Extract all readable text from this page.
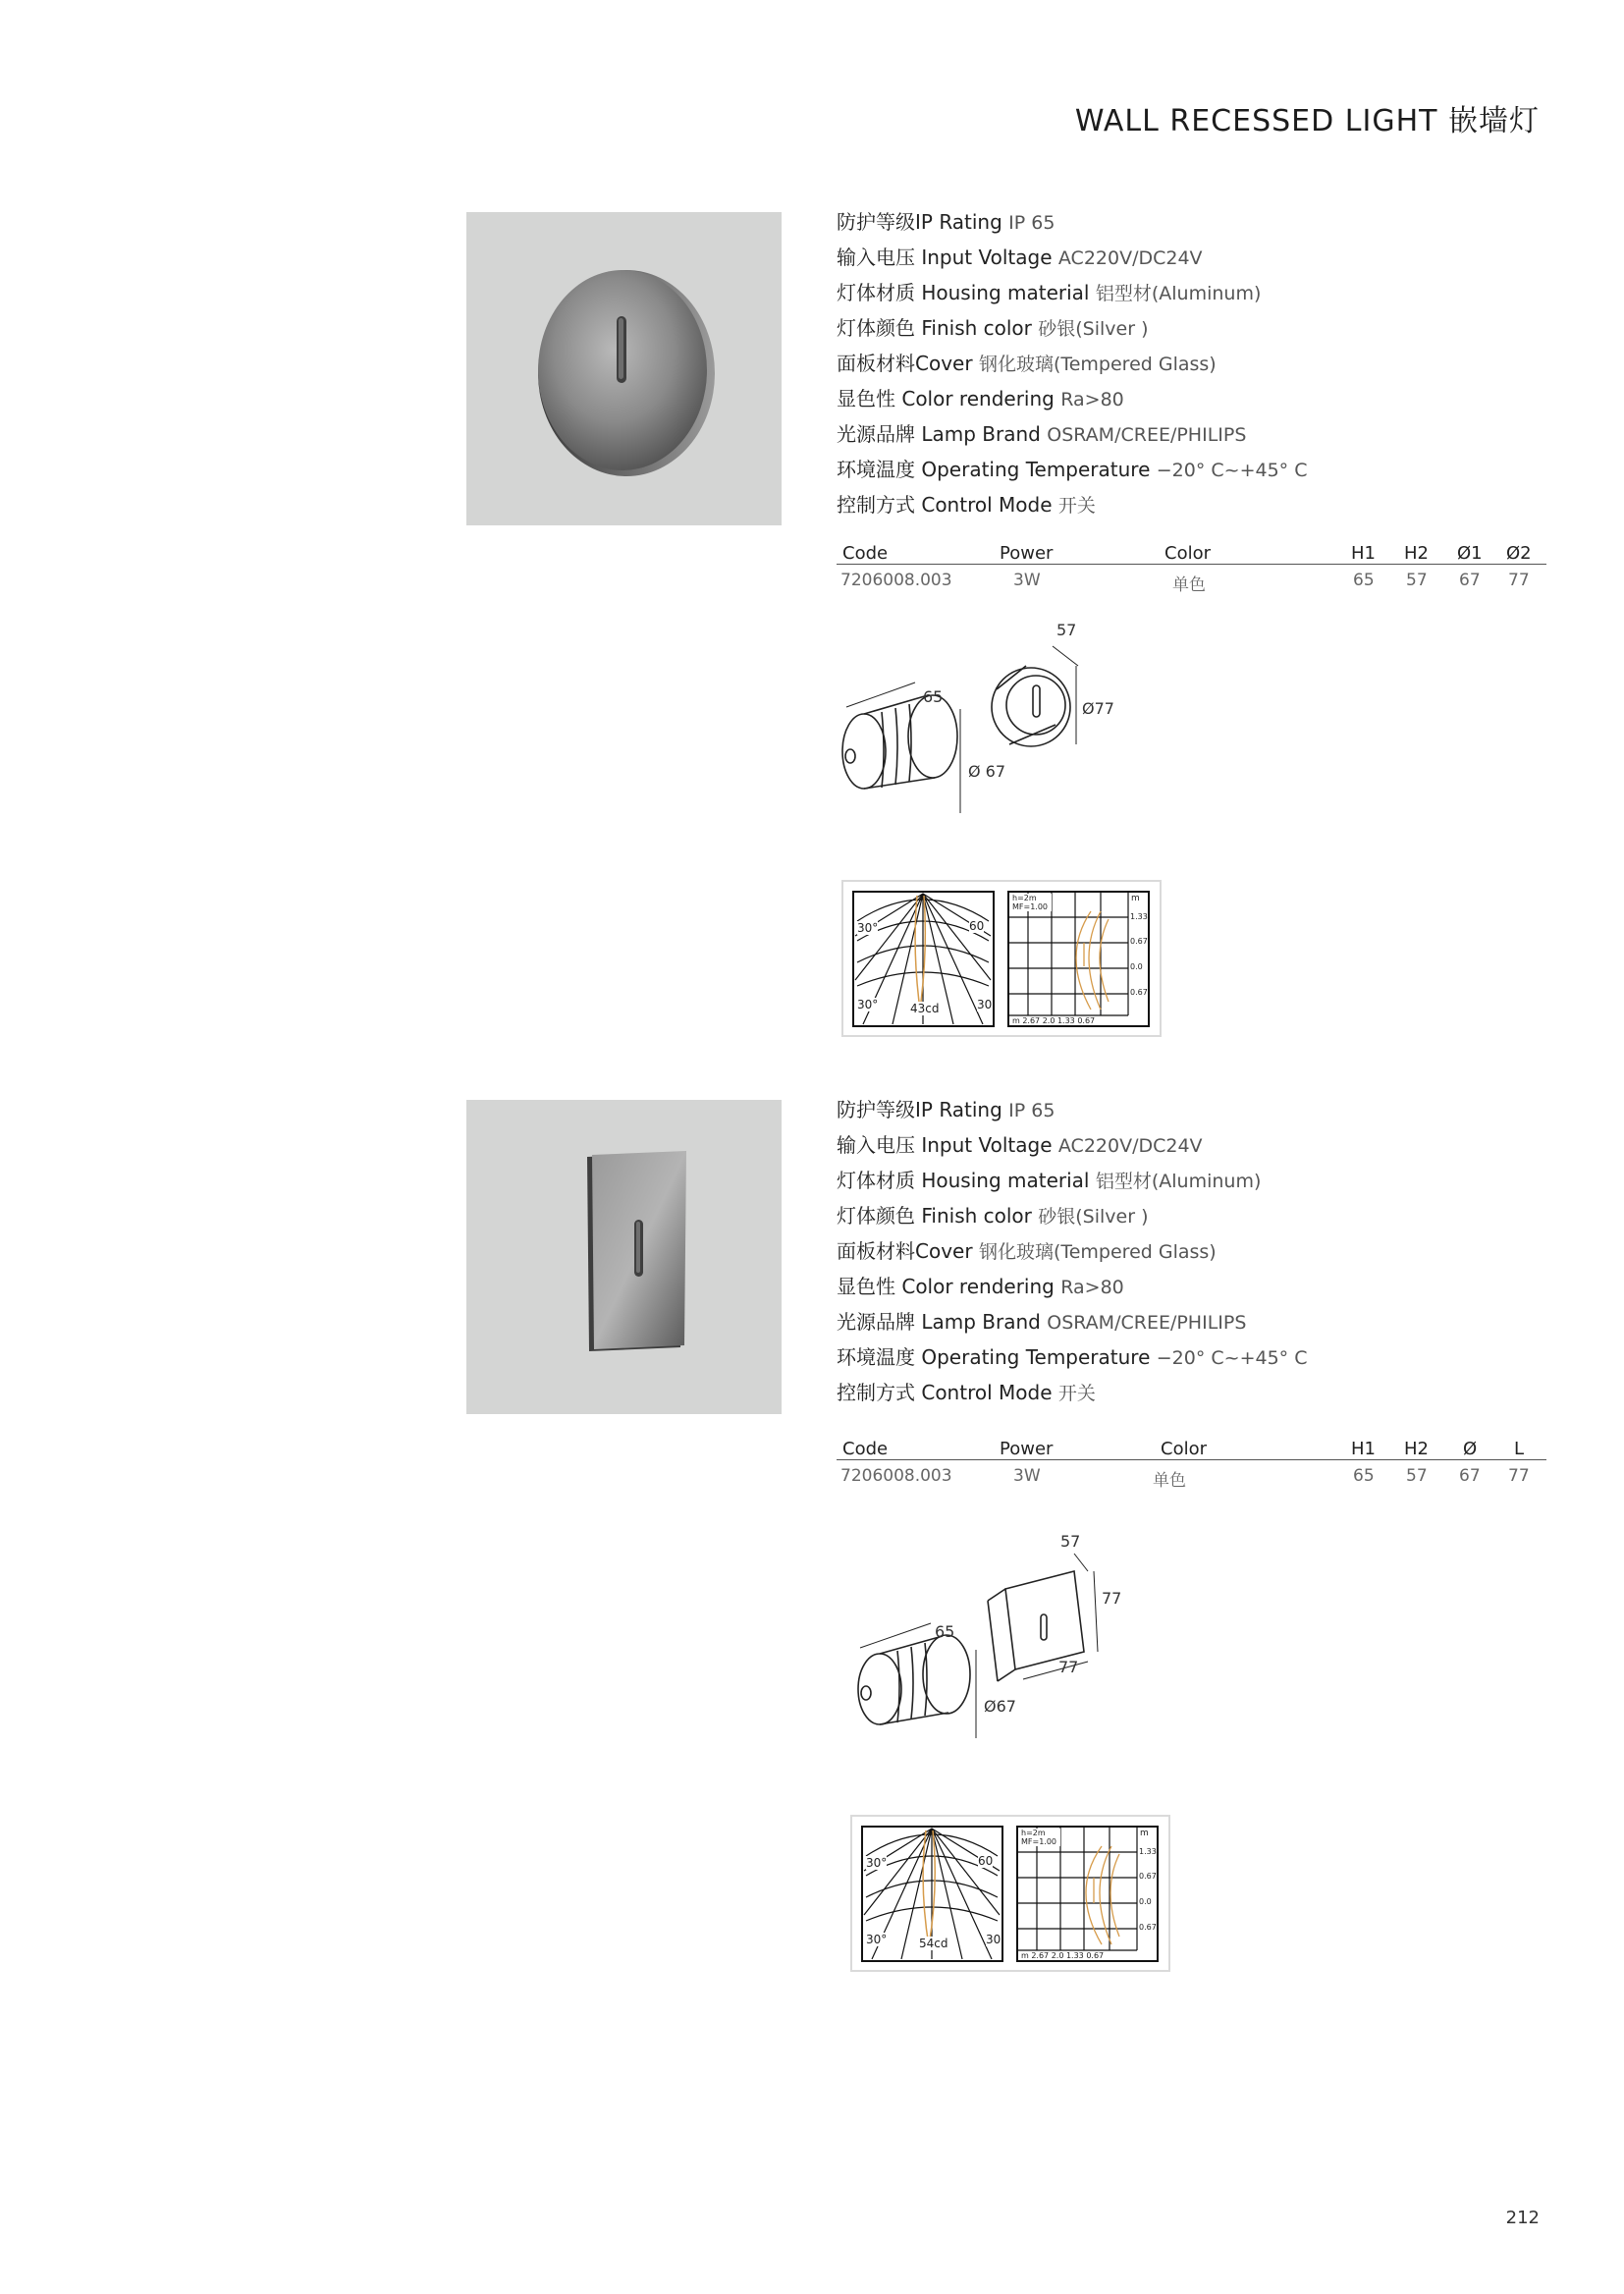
WALL RECESSED LIGHT 嵌墙灯
防护等级IP Rating IP 65
输入电压 Input Voltage AC220V/DC24V
灯体材质 Housing material 铝型材(Aluminum)
灯体颜色 Finish color 砂银(Silver )
面板材料Cover 钢化玻璃(Tempered Glass)
显色性 Color rendering Ra>80
光源品牌 Lamp Brand OSRAM/CREE/PHILIPS
环境温度 Operating Temperature −20° C~+45° C
控制方式 Control Mode 开关
Code	Power	Color	H1 H2 Ø1 Ø2
7206008.003	3W	单色	65 57 67 77
57
65
Ø77
Ø 67
30°	60
30°	30
43cd
h=2m MF=1.00
m
1.33
0.67
0.0
0.67
m 2.67 2.0 1.33 0.67
防护等级IP Rating IP 65
输入电压 Input Voltage AC220V/DC24V
灯体材质 Housing material 铝型材(Aluminum)
灯体颜色 Finish color 砂银(Silver )
面板材料Cover 钢化玻璃(Tempered Glass)
显色性 Color rendering Ra>80
光源品牌 Lamp Brand OSRAM/CREE/PHILIPS
环境温度 Operating Temperature −20° C~+45° C
控制方式 Control Mode 开关
Code	Power	Color	H1 H2 Ø L
7206008.003	3W	单色	65 57 67 77
57
65
77
77
Ø67
30°	60
30°	30
54cd
h=2m MF=1.00
m
1.33
0.67
0.0
0.67
m 2.67 2.0 1.33 0.67
212
